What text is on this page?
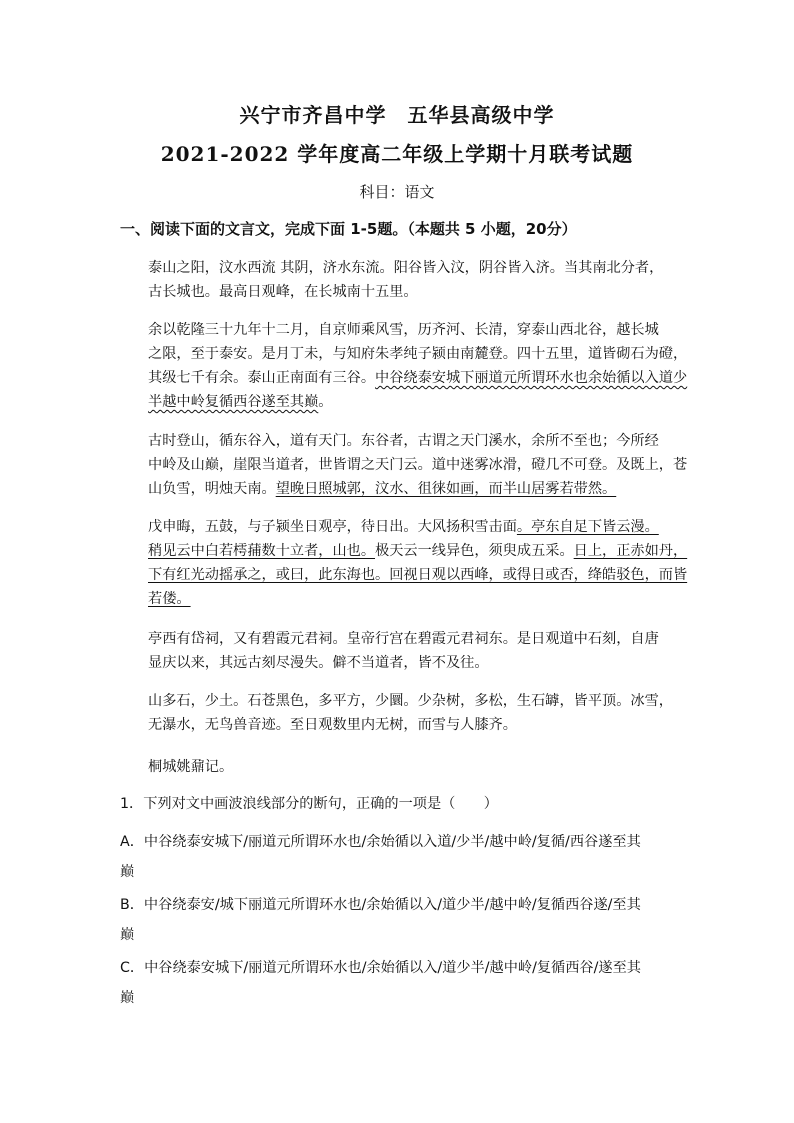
兴宁市齐昌中学　五华县高级中学
2021-2022 学年度高二年级上学期十月联考试题
科目：语文
一、阅读下面的文言文，完成下面 1-5题。（本题共 5 小题，20分）
泰山之阳，汶水西流 其阴，济水东流。阳谷皆入汶，阴谷皆入济。当其南北分者，
古长城也。最高日观峰，在长城南十五里。
余以乾隆三十九年十二月，自京师乘风雪，历齐河、长清，穿泰山西北谷，越长城
之限，至于泰安。是月丁未，与知府朱孝纯子颍由南麓登。四十五里，道皆砌石为磴，
其级七千有余。泰山正南面有三谷。中谷绕泰安城下丽道元所谓环水也余始循以入道少
半越中岭复循西谷遂至其巅。
古时登山，循东谷入，道有天门。东谷者，古谓之天门溪水，余所不至也；今所经
中岭及山巅，崖限当道者，世皆谓之天门云。道中迷雾冰滑，磴几不可登。及既上，苍
山负雪，明烛天南。望晚日照城郭，汶水、徂徕如画，而半山居雾若带然。
戊申晦，五鼓，与子颍坐日观亭，待日出。大风扬积雪击面。亭东自足下皆云漫。
稍见云中白若樗蒱数十立者，山也。极天云一线异色，须臾成五采。日上，正赤如丹，
下有红光动摇承之，或曰，此东海也。回视日观以西峰，或得日或否，绛皓驳色，而皆
若偻。
亭西有岱祠，又有碧霞元君祠。皇帝行宫在碧霞元君祠东。是日观道中石刻，自唐
显庆以来，其远古刻尽漫失。僻不当道者，皆不及往。
山多石，少土。石苍黑色，多平方，少圜。少杂树，多松，生石罅，皆平顶。冰雪，
无瀑水，无鸟兽音迹。至日观数里内无树，而雪与人膝齐。
桐城姚鼐记。
1．下列对文中画波浪线部分的断句，正确的一项是（　　）
A．中谷绕泰安城下/丽道元所谓环水也/余始循以入道/少半/越中岭/复循/西谷遂至其
巅
B．中谷绕泰安/城下丽道元所谓环水也/余始循以入/道少半/越中岭/复循西谷遂/至其
巅
C．中谷绕泰安城下/丽道元所谓环水也/余始循以入/道少半/越中岭/复循西谷/遂至其
巅
